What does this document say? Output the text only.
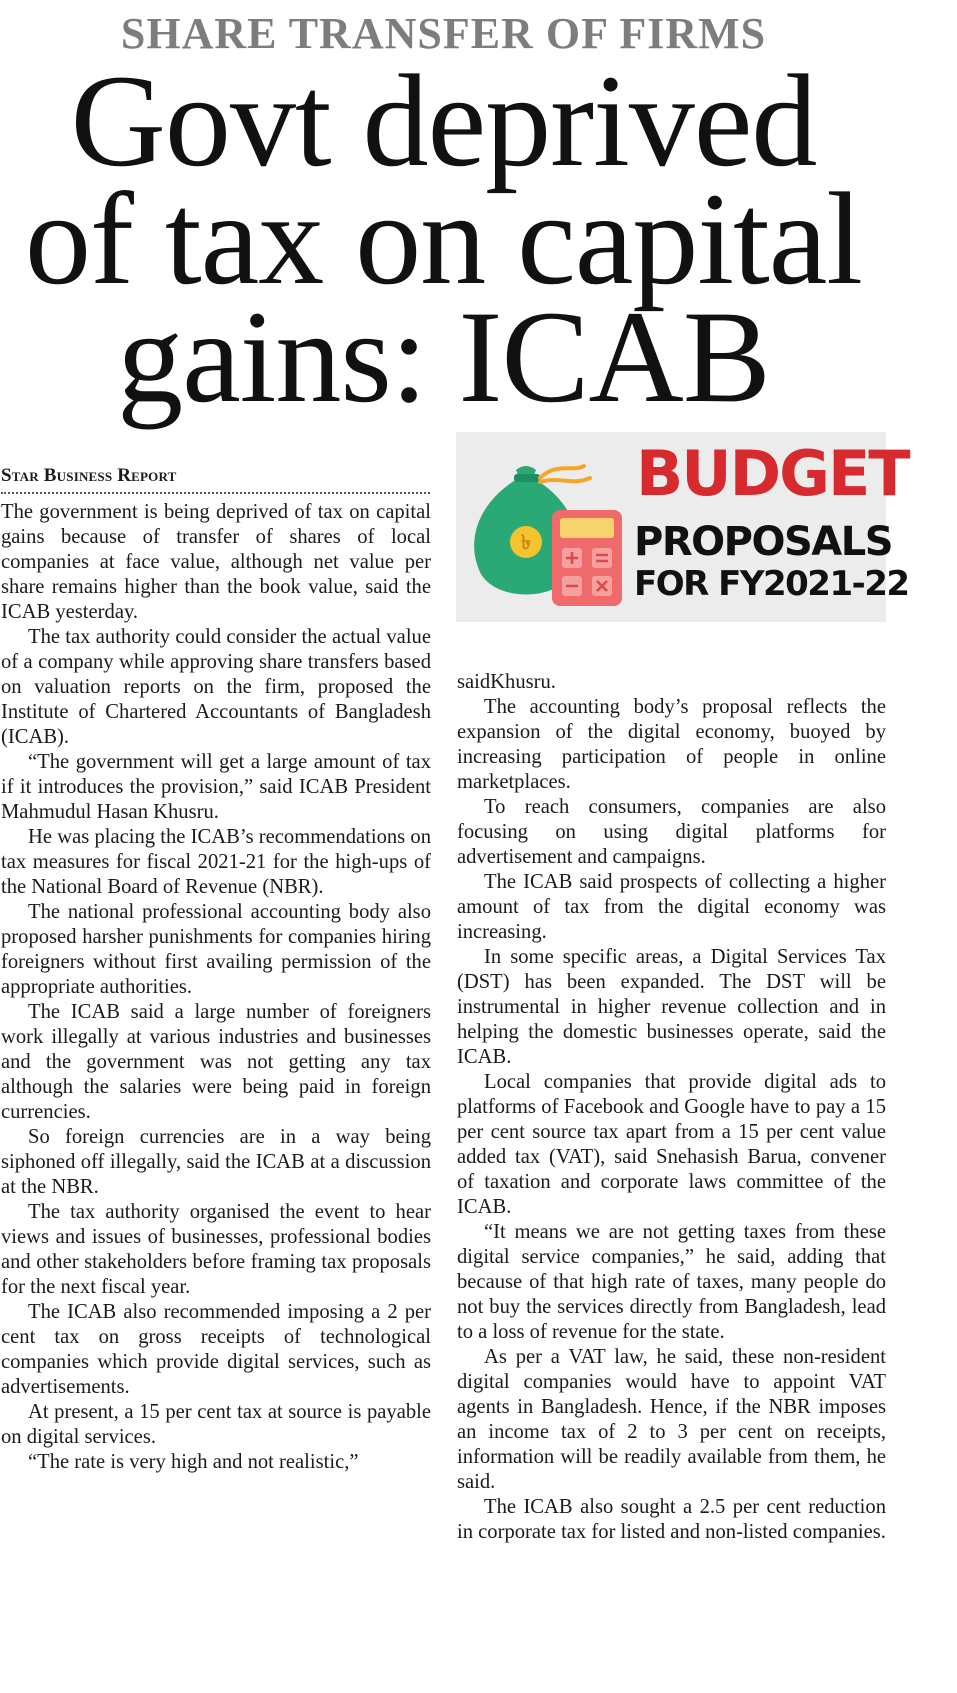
SHARE TRANSFER OF FIRMS
Govt deprived
of tax on capital
gains: ICAB
Star Business Report

The government is being deprived of tax on capital gains because of transfer of shares of local companies at face value, although net value per share remains higher than the book value, said the ICAB yesterday.

The tax authority could consider the actual value of a company while approving share transfers based on valuation reports on the firm, proposed the Institute of Chartered Accountants of Bangladesh (ICAB).

“The government will get a large amount of tax if it introduces the provision,” said ICAB President Mahmudul Hasan Khusru.

He was placing the ICAB’s recommendations on tax measures for fiscal 2021-21 for the high-ups of the National Board of Revenue (NBR).

The national professional accounting body also proposed harsher punishments for companies hiring foreigners without first availing permission of the appropriate authorities.

The ICAB said a large number of foreigners work illegally at various industries and businesses and the government was not getting any tax although the salaries were being paid in foreign currencies.

So foreign currencies are in a way being siphoned off illegally, said the ICAB at a discussion at the NBR.

The tax authority organised the event to hear views and issues of businesses, professional bodies and other stakeholders before framing tax proposals for the next fiscal year.

The ICAB also recommended imposing a 2 per cent tax on gross receipts of technological companies which provide digital services, such as advertisements.

At present, a 15 per cent tax at source is payable on digital services.

“The rate is very high and not realistic,”

৳
BUDGET
PROPOSALS
FOR FY2021-22

saidKhusru.

The accounting body’s proposal reflects the expansion of the digital economy, buoyed by increasing participation of people in online marketplaces.

To reach consumers, companies are also focusing on using digital platforms for advertisement and campaigns.

The ICAB said prospects of collecting a higher amount of tax from the digital economy was increasing.

In some specific areas, a Digital Services Tax (DST) has been expanded. The DST will be instrumental in higher revenue collection and in helping the domestic businesses operate, said the ICAB.

Local companies that provide digital ads to platforms of Facebook and Google have to pay a 15 per cent source tax apart from a 15 per cent value added tax (VAT), said Snehasish Barua, convener of taxation and corporate laws committee of the ICAB.

“It means we are not getting taxes from these digital service companies,” he said, adding that because of that high rate of taxes, many people do not buy the services directly from Bangladesh, lead to a loss of revenue for the state.

As per a VAT law, he said, these non-resident digital companies would have to appoint VAT agents in Bangladesh. Hence, if the NBR imposes an income tax of 2 to 3 per cent on receipts, information will be readily available from them, he said.

The ICAB also sought a 2.5 per cent reduction in corporate tax for listed and non-listed companies.
